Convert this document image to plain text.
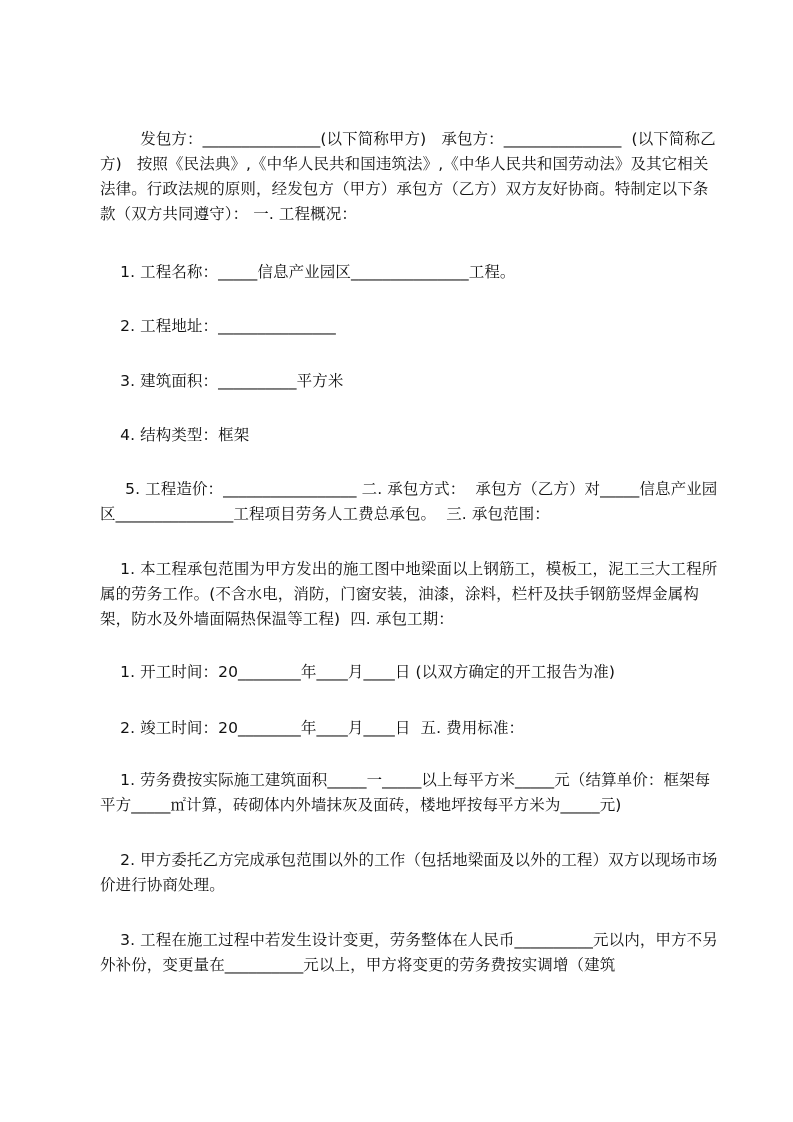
发包方：_______________(以下简称甲方)   承包方：_______________  (以下简称乙方)   按照《民法典》,《中华人民共和国违筑法》,《中华人民共和国劳动法》及其它相关法律。行政法规的原则，经发包方（甲方）承包方（乙方）双方友好协商。特制定以下条款（双方共同遵守）： 一. 工程概况：

1. 工程名称：_____信息产业园区_______________工程。

2. 工程地址：_______________

3. 建筑面积：__________平方米

4. 结构类型：框架

5. 工程造价：_________________ 二. 承包方式：  承包方（乙方）对_____信息产业园区_______________工程项目劳务人工费总承包。  三. 承包范围：

1. 本工程承包范围为甲方发出的施工图中地梁面以上钢筋工，模板工，泥工三大工程所属的劳务工作。(不含水电，消防，门窗安装，油漆，涂料，栏杆及扶手钢筋竖焊金属构架，防水及外墙面隔热保温等工程)  四. 承包工期：

1. 开工时间：20________年____月____日 (以双方确定的开工报告为准)

2. 竣工时间：20________年____月____日  五. 费用标准：

1. 劳务费按实际施工建筑面积_____一_____以上每平方米_____元（结算单价：框架每平方_____㎡计算，砖砌体内外墙抹灰及面砖，楼地坪按每平方米为_____元)

2. 甲方委托乙方完成承包范围以外的工作（包括地梁面及以外的工程）双方以现场市场价进行协商处理。

3. 工程在施工过程中若发生设计变更，劳务整体在人民币__________元以内，甲方不另外补份，变更量在__________元以上，甲方将变更的劳务费按实调增（建筑
